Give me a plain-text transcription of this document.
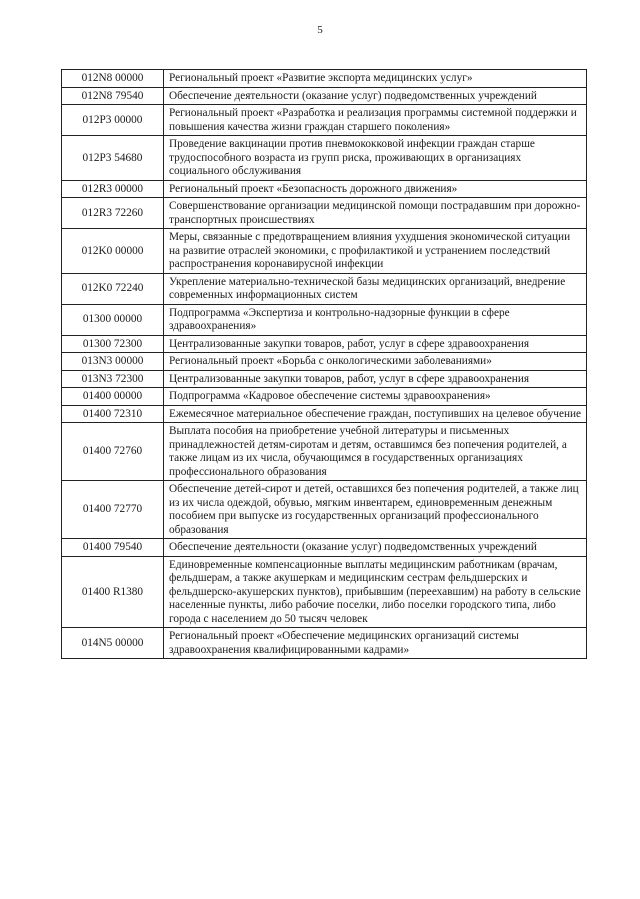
5
012N8 00000	Региональный проект «Развитие экспорта медицинских услуг»
012N8 79540	Обеспечение деятельности (оказание услуг) подведомственных учреждений
012P3 00000	Региональный проект «Разработка и реализация программы системной поддержки и повышения качества жизни граждан старшего поколения»
012P3 54680	Проведение вакцинации против пневмококковой инфекции граждан старше трудоспособного возраста из групп риска, проживающих в организациях социального обслуживания
012R3 00000	Региональный проект «Безопасность дорожного движения»
012R3 72260	Совершенствование организации медицинской помощи пострадавшим при дорожно-транспортных происшествиях
012K0 00000	Меры, связанные с предотвращением влияния ухудшения экономической ситуации на развитие отраслей экономики, с профилактикой и устранением последствий распространения коронавирусной инфекции
012K0 72240	Укрепление материально-технической базы медицинских организаций, внедрение современных информационных систем
01300 00000	Подпрограмма «Экспертиза и контрольно-надзорные функции в сфере здравоохранения»
01300 72300	Централизованные закупки товаров, работ, услуг в сфере здравоохранения
013N3 00000	Региональный проект «Борьба с онкологическими заболеваниями»
013N3 72300	Централизованные закупки товаров, работ, услуг в сфере здравоохранения
01400 00000	Подпрограмма «Кадровое обеспечение системы здравоохранения»
01400 72310	Ежемесячное материальное обеспечение граждан, поступивших на целевое обучение
01400 72760	Выплата пособия на приобретение учебной литературы и письменных принадлежностей детям-сиротам и детям, оставшимся без попечения родителей, а также лицам из их числа, обучающимся в государственных организациях профессионального образования
01400 72770	Обеспечение детей-сирот и детей, оставшихся без попечения родителей, а также лиц из их числа одеждой, обувью, мягким инвентарем, единовременным денежным пособием при выпуске из государственных организаций профессионального образования
01400 79540	Обеспечение деятельности (оказание услуг) подведомственных учреждений
01400 R1380	Единовременные компенсационные выплаты медицинским работникам (врачам, фельдшерам, а также акушеркам и медицинским сестрам фельдшерских и фельдшерско-акушерских пунктов), прибывшим (переехавшим) на работу в сельские населенные пункты, либо рабочие поселки, либо поселки городского типа, либо города с населением до 50 тысяч человек
014N5 00000	Региональный проект «Обеспечение медицинских организаций системы здравоохранения квалифицированными кадрами»
